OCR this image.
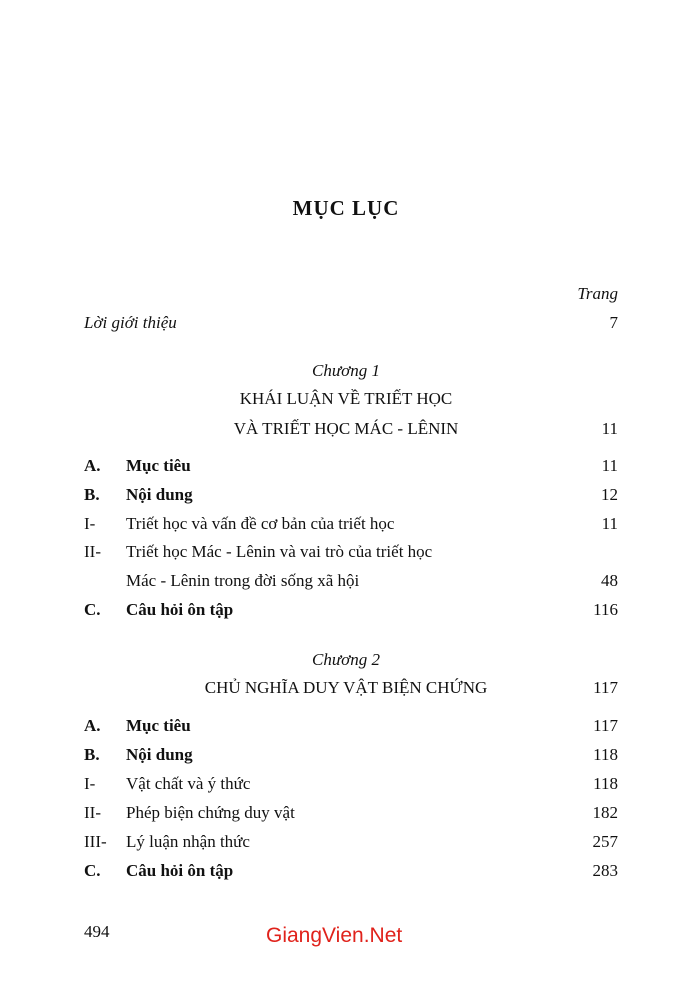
MỤC LỤC
Trang
Lời giới thiệu	7
Chương 1
KHÁI LUẬN VỀ TRIẾT HỌC
VÀ TRIẾT HỌC MÁC - LÊNIN	11
A. Mục tiêu	11
B. Nội dung	12
I- Triết học và vấn đề cơ bản của triết học	11
II- Triết học Mác - Lênin và vai trò của triết học
Mác - Lênin trong đời sống xã hội	48
C. Câu hỏi ôn tập	116
Chương 2
CHỦ NGHĨA DUY VẬT BIỆN CHỨNG	117
A. Mục tiêu	117
B. Nội dung	118
I- Vật chất và ý thức	118
II- Phép biện chứng duy vật	182
III- Lý luận nhận thức	257
C. Câu hỏi ôn tập	283
494	GiangVien.Net
